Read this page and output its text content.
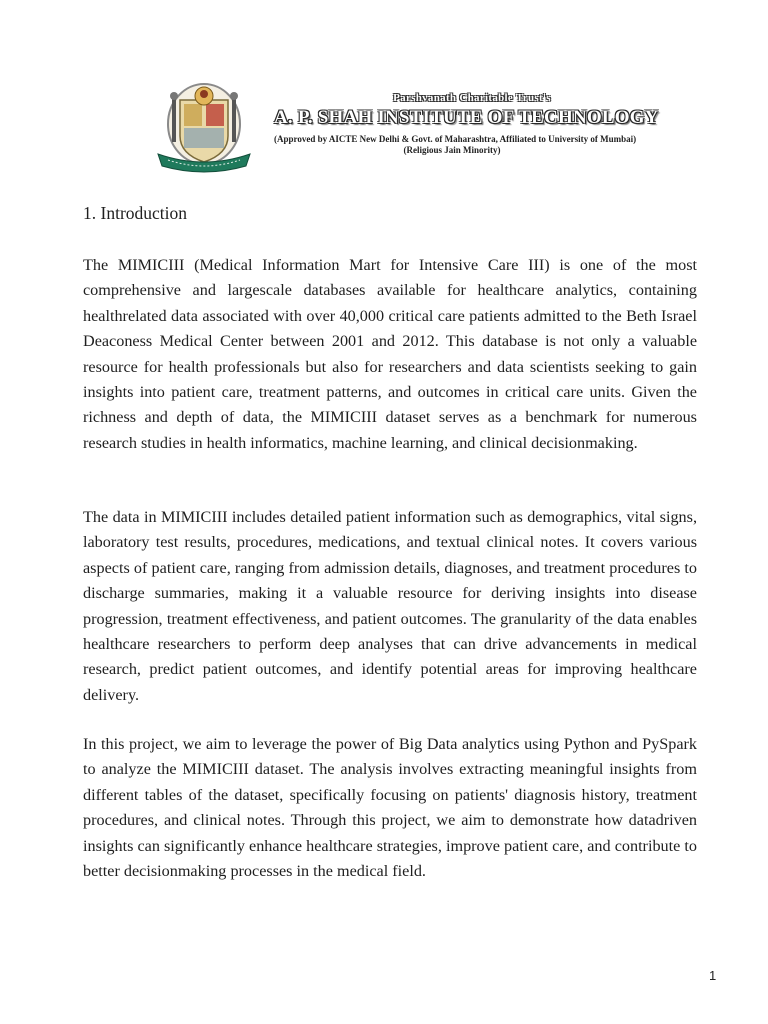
Parshvanath Charitable Trust's
A. P. SHAH INSTITUTE OF TECHNOLOGY
(Approved by AICTE New Delhi & Govt. of Maharashtra, Affiliated to University of Mumbai)
(Religious Jain Minority)
1. Introduction

The MIMICIII (Medical Information Mart for Intensive Care III) is one of the most comprehensive and largescale databases available for healthcare analytics, containing healthrelated data associated with over 40,000 critical care patients admitted to the Beth Israel Deaconess Medical Center between 2001 and 2012. This database is not only a valuable resource for health professionals but also for researchers and data scientists seeking to gain insights into patient care, treatment patterns, and outcomes in critical care units. Given the richness and depth of data, the MIMICIII dataset serves as a benchmark for numerous research studies in health informatics, machine learning, and clinical decisionmaking.

The data in MIMICIII includes detailed patient information such as demographics, vital signs, laboratory test results, procedures, medications, and textual clinical notes. It covers various aspects of patient care, ranging from admission details, diagnoses, and treatment procedures to discharge summaries, making it a valuable resource for deriving insights into disease progression, treatment effectiveness, and patient outcomes. The granularity of the data enables healthcare researchers to perform deep analyses that can drive advancements in medical research, predict patient outcomes, and identify potential areas for improving healthcare delivery.

In this project, we aim to leverage the power of Big Data analytics using Python and PySpark to analyze the MIMICIII dataset. The analysis involves extracting meaningful insights from different tables of the dataset, specifically focusing on patients' diagnosis history, treatment procedures, and clinical notes. Through this project, we aim to demonstrate how datadriven insights can significantly enhance healthcare strategies, improve patient care, and contribute to better decisionmaking processes in the medical field.

1
